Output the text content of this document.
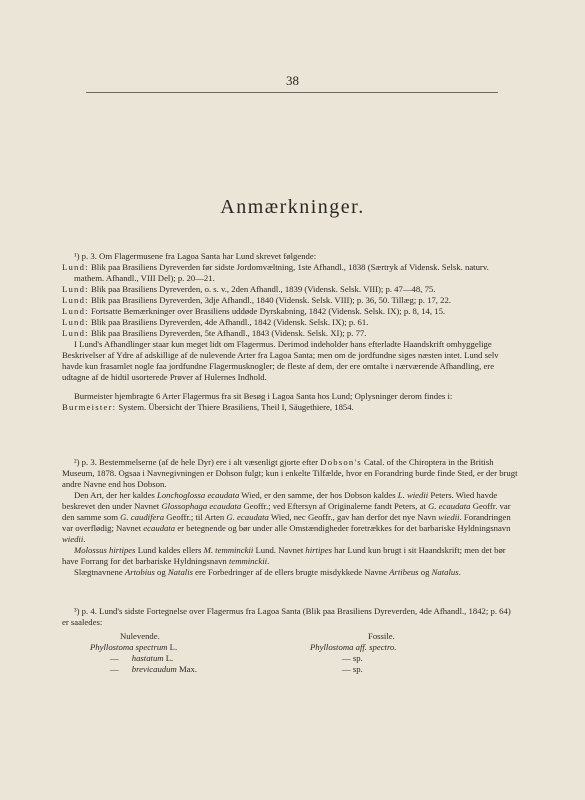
38
Anmærkninger.

¹) p. 3. Om Flagermusene fra Lagoa Santa har Lund skrevet følgende:

Lund: Blik paa Brasiliens Dyreverden før sidste Jordomvæltning, 1ste Afhandl., 1838 (Særtryk af Vidensk. Selsk. naturv. mathem. Afhandl., VIII Del); p. 20—21.

Lund: Blik paa Brasiliens Dyreverden, o. s. v., 2den Afhandl., 1839 (Vidensk. Selsk. VIII); p. 47—48, 75.

Lund: Blik paa Brasiliens Dyreverden, 3dje Afhandl., 1840 (Vidensk. Selsk. VIII); p. 36, 50. Tillæg; p. 17, 22.

Lund: Fortsatte Bemærkninger over Brasiliens uddøde Dyrskabning, 1842 (Vidensk. Selsk. IX); p. 8, 14, 15.

Lund: Blik paa Brasiliens Dyreverden, 4de Afhandl., 1842 (Vidensk. Selsk. IX); p. 61.

Lund: Blik paa Brasiliens Dyreverden, 5te Afhandl., 1843 (Vidensk. Selsk. XI); p. 77.

I Lund's Afhandlinger staar kun meget lidt om Flagermus. Derimod indeholder hans efterladte Haandskrift omhyggelige Beskrivelser af Ydre af adskillige af de nulevende Arter fra Lagoa Santa; men om de jordfundne siges næsten intet. Lund selv havde kun frasamlet nogle faa jordfundne Flagermusknogler; de fleste af dem, der ere omtalte i nærværende Afhandling, ere udtagne af de hidtil usorterede Prøver af Hulernes Indhold.

Burmeister hjembragte 6 Arter Flagermus fra sit Besøg i Lagoa Santa hos Lund; Oplysninger derom findes i:

Burmeister: System. Übersicht der Thiere Brasiliens, Theil I, Säugethiere, 1854.

²) p. 3. Bestemmelserne (af de hele Dyr) ere i alt væsenligt gjorte efter Dobson's Catal. of the Chiroptera in the British Museum, 1878. Ogsaa i Navnegivningen er Dobson fulgt; kun i enkelte Tilfælde, hvor en Forandring burde finde Sted, er der brugt andre Navne end hos Dobson.

Den Art, der her kaldes Lonchoglossa ecaudata Wied, er den samme, der hos Dobson kaldes L. wiedii Peters. Wied havde beskrevet den under Navnet Glossophaga ecaudata Geoffr.; ved Eftersyn af Originalerne fandt Peters, at G. ecaudata Geoffr. var den samme som G. caudifera Geoffr.; til Arten G. ecaudata Wied, nec Geoffr., gav han derfor det nye Navn wiedii. Forandringen var overflødig; Navnet ecaudata er betegnende og bør under alle Omstændigheder foretrækkes for det barbariske Hyldningsnavn wiedii.

Molossus hirtipes Lund kaldes ellers M. temminckii Lund. Navnet hirtipes har Lund kun brugt i sit Haandskrift; men det bør have Forrang for det barbariske Hyldningsnavn temminckii.

Slægtnavnene Artobius og Natalis ere Forbedringer af de ellers brugte misdykkede Navne Artibeus og Natalus.

³) p. 4. Lund's sidste Fortegnelse over Flagermus fra Lagoa Santa (Blik paa Brasiliens Dyreverden, 4de Afhandl., 1842; p. 64) er saaledes:

Nulevende.
Phyllostoma spectrum L.
— hastatum L.
— brevicaudum Max.
Fossile.
Phyllostoma aff. spectro.
— sp.
— sp.
